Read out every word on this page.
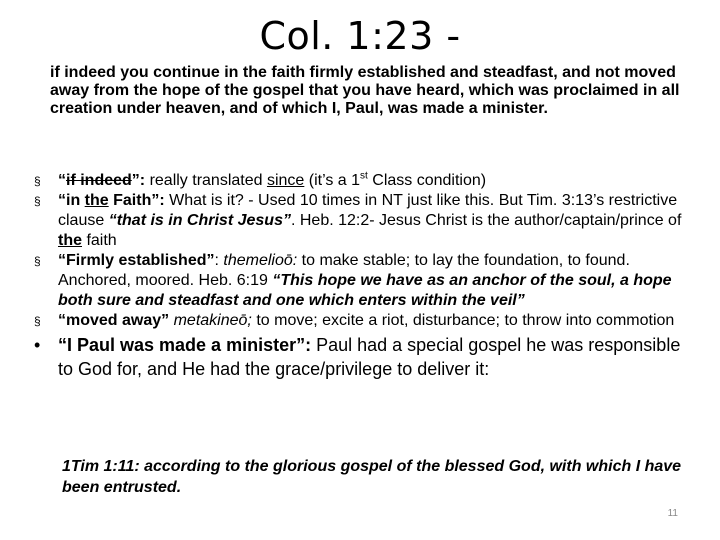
Col. 1:23 -
if indeed you continue in the faith firmly established and steadfast, and not moved away from the hope of the gospel that you have heard, which was proclaimed in all creation under heaven, and of which I, Paul, was made a minister.
§ “if indeed”: really translated since (it’s a 1st Class condition)
§ “in the Faith”: What is it? - Used 10 times in NT just like this. But Tim. 3:13’s restrictive clause “that is in Christ Jesus”. Heb. 12:2- Jesus Christ is the author/captain/prince of the faith
§ “Firmly established”: themelioō: to make stable; to lay the foundation, to found. Anchored, moored. Heb. 6:19 “This hope we have as an anchor of the soul, a hope both sure and steadfast and one which enters within the veil”
§ “moved away” metakineō; to move; excite a riot, disturbance; to throw into commotion
• “I Paul was made a minister”: Paul had a special gospel he was responsible to God for, and He had the grace/privilege to deliver it:
1Tim 1:11: according to the glorious gospel of the blessed God, with which I have been entrusted.
11
